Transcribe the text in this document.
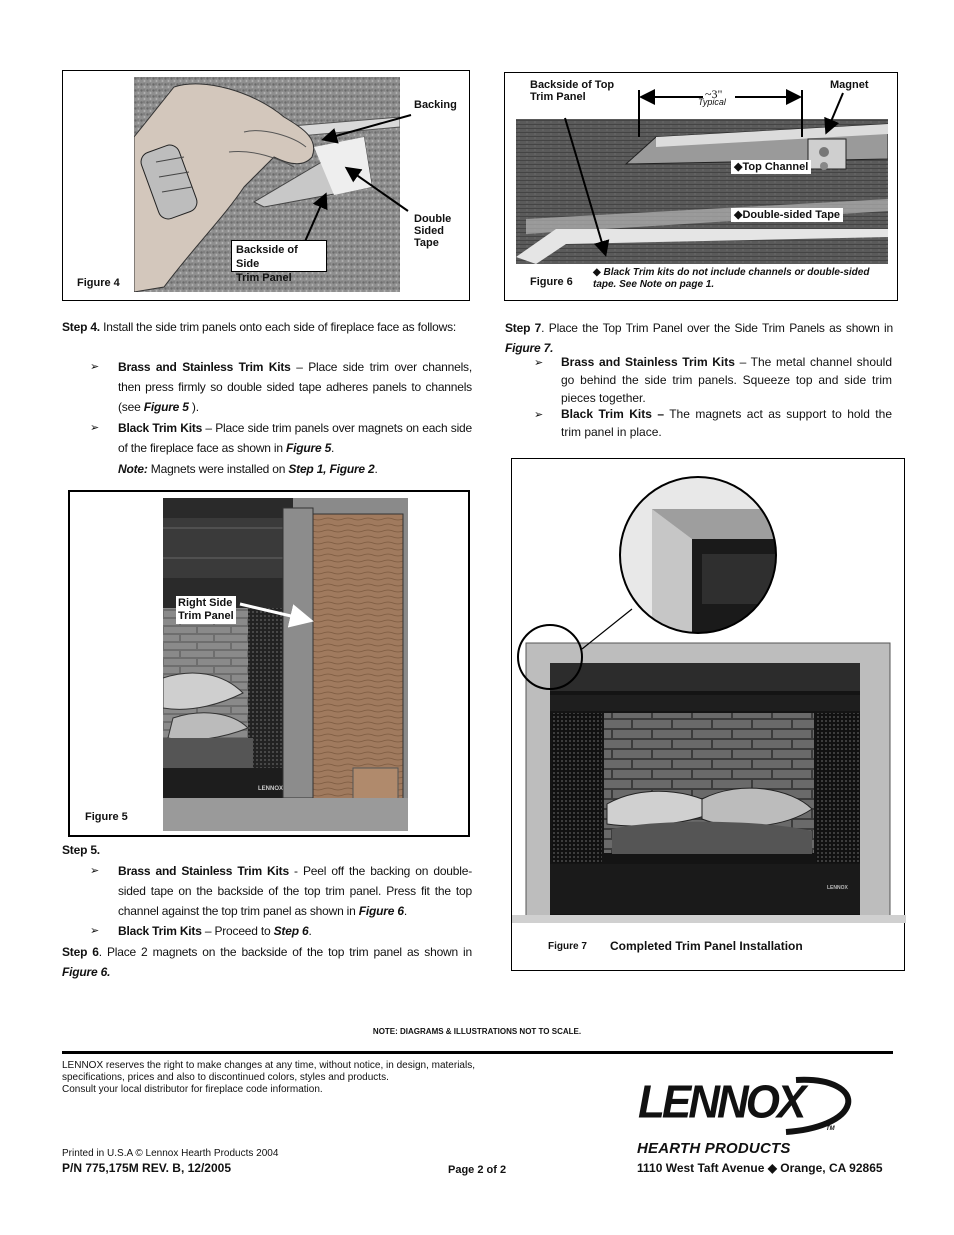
Backing
Double
Sided
Tape
Backside of Side
Trim Panel
Figure 4
Backside of Top
Trim Panel
Magnet
~3"
Typical
◆Top Channel
◆Double-sided Tape
Figure 6
◆ Black Trim kits do not include channels or double-sided tape. See Note on page 1.
Step 4. Install the side trim panels onto each side of fireplace face as follows:
➢	Brass and Stainless Trim Kits – Place side trim over channels, then press firmly so double sided tape adheres panels to channels (see Figure 5 ).
➢	Black Trim Kits – Place side trim panels over magnets on each side of the fireplace face as shown in Figure 5.
Note: Magnets were installed on Step 1, Figure 2.
LENNOX
Right Side
Trim Panel
Figure 5
Step 5.
➢	Brass and Stainless Trim Kits - Peel off the backing on double-sided tape on the backside of the top trim panel. Press fit the top channel against the top trim panel as shown in Figure 6.
➢	Black Trim Kits – Proceed to Step 6.
Step 6. Place 2 magnets on the backside of the top trim panel as shown in Figure 6.
Step 7. Place the Top Trim Panel over the Side Trim Panels as shown in Figure 7.
➢	Brass and Stainless Trim Kits – The metal channel should go behind the side trim panels. Squeeze top and side trim pieces together.
➢	Black Trim Kits – The magnets act as support to hold the trim panel in place.
LENNOX
Figure 7 Completed Trim Panel Installation
NOTE: DIAGRAMS & ILLUSTRATIONS NOT TO SCALE.
LENNOX reserves the right to make changes at any time, without notice, in design, materials,
specifications, prices and also to discontinued colors, styles and products.
Consult your local distributor for fireplace code information.
Printed in U.S.A © Lennox Hearth Products 2004
P/N 775,175M REV. B, 12/2005	Page 2 of 2
LENNOX
TM
HEARTH PRODUCTS
1110 West Taft Avenue ◆ Orange, CA 92865
